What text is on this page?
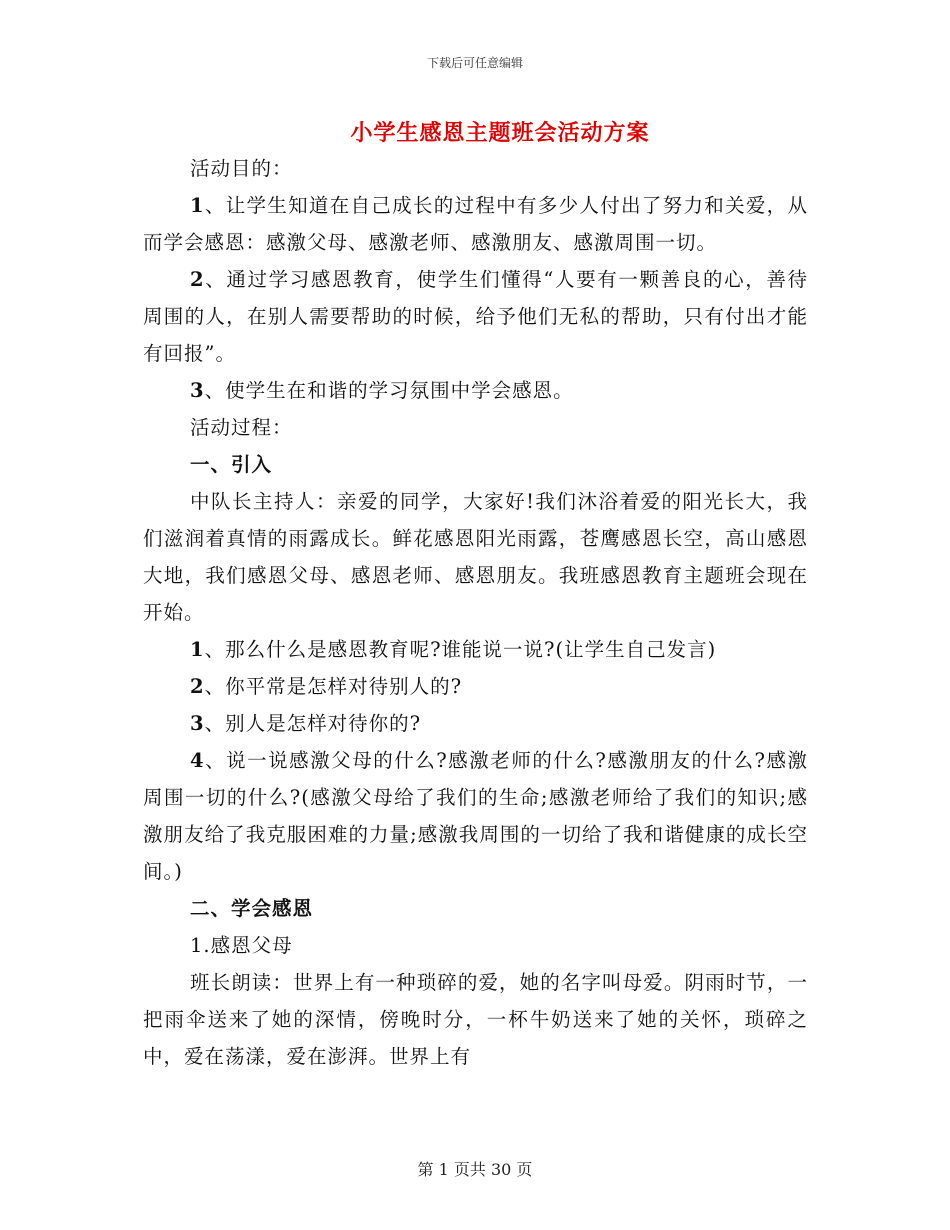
下载后可任意编辑
小学生感恩主题班会活动方案

活动目的：

1、让学生知道在自己成长的过程中有多少人付出了努力和关爱，从而学会感恩：感激父母、感激老师、感激朋友、感激周围一切。

2、通过学习感恩教育，使学生们懂得“人要有一颗善良的心，善待周围的人，在别人需要帮助的时候，给予他们无私的帮助，只有付出才能有回报”。

3、使学生在和谐的学习氛围中学会感恩。

活动过程：

一、引入

中队长主持人：亲爱的同学，大家好!我们沐浴着爱的阳光长大，我们滋润着真情的雨露成长。鲜花感恩阳光雨露，苍鹰感恩长空，高山感恩大地，我们感恩父母、感恩老师、感恩朋友。我班感恩教育主题班会现在开始。

1、那么什么是感恩教育呢?谁能说一说?(让学生自己发言)

2、你平常是怎样对待别人的?

3、别人是怎样对待你的?

4、说一说感激父母的什么?感激老师的什么?感激朋友的什么?感激周围一切的什么?(感激父母给了我们的生命;感激老师给了我们的知识;感激朋友给了我克服困难的力量;感激我周围的一切给了我和谐健康的成长空间。)

二、学会感恩

1.感恩父母

班长朗读：世界上有一种琐碎的爱，她的名字叫母爱。阴雨时节，一把雨伞送来了她的深情，傍晚时分，一杯牛奶送来了她的关怀，琐碎之中，爱在荡漾，爱在澎湃。世界上有

第 1 页共 30 页
